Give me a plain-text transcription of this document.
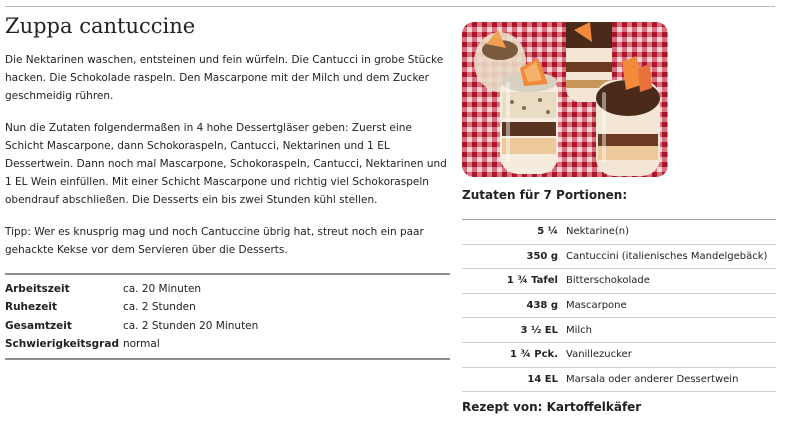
Zuppa cantuccine

Die Nektarinen waschen, entsteinen und fein würfeln. Die Cantucci in grobe Stücke hacken. Die Schokolade raspeln. Den Mascarpone mit der Milch und dem Zucker geschmeidig rühren.

Nun die Zutaten folgendermaßen in 4 hohe Dessertgläser geben: Zuerst eine Schicht Mascarpone, dann Schokoraspeln, Cantucci, Nektarinen und 1 EL Dessertwein. Dann noch mal Mascarpone, Schokoraspeln, Cantucci, Nektarinen und 1 EL Wein einfüllen. Mit einer Schicht Mascarpone und richtig viel Schokoraspeln obendrauf abschließen. Die Desserts ein bis zwei Stunden kühl stellen.

Tipp: Wer es knusprig mag und noch Cantuccine übrig hat, streut noch ein paar gehackte Kekse vor dem Servieren über die Desserts.

Arbeitszeit	ca. 20 Minuten
Ruhezeit	ca. 2 Stunden
Gesamtzeit	ca. 2 Stunden 20 Minuten
Schwierigkeitsgrad	normal
Zutaten für 7 Portionen:
5 ¼	Nektarine(n)
350 g	Cantuccini (italienisches Mandelgebäck)
1 ¾ Tafel	Bitterschokolade
438 g	Mascarpone
3 ½ EL	Milch
1 ¾ Pck.	Vanillezucker
14 EL	Marsala oder anderer Dessertwein
Rezept von: Kartoffelkäfer
